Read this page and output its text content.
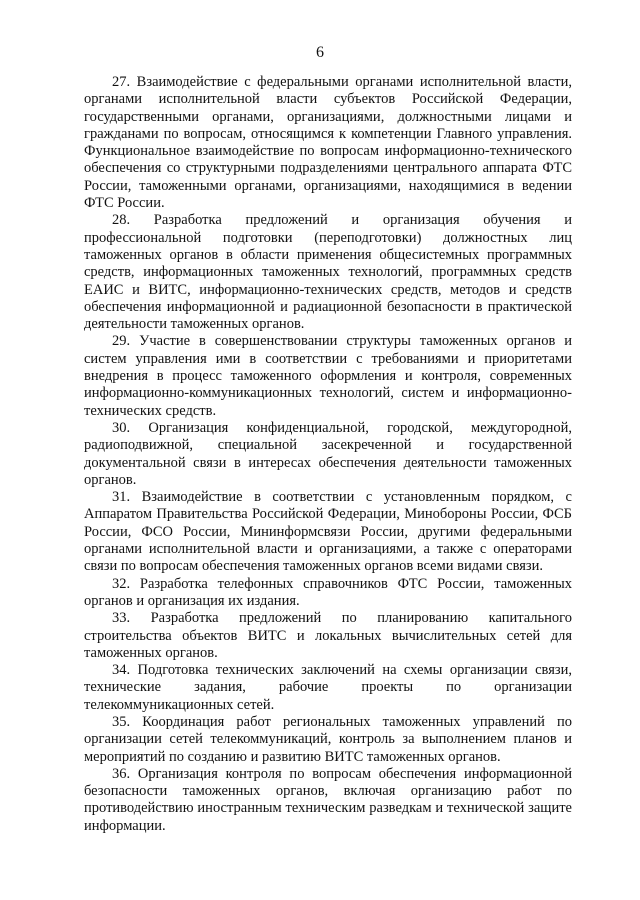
6

27. Взаимодействие с федеральными органами исполнительной власти, органами исполнительной власти субъектов Российской Федерации, государственными органами, организациями, должностными лицами и гражданами по вопросам, относящимся к компетенции Главного управления. Функциональное взаимодействие по вопросам информационно-технического обеспечения со структурными подразделениями центрального аппарата ФТС России, таможенными органами, организациями, находящимися в ведении ФТС России.

28. Разработка предложений и организация обучения и профессиональной подготовки (переподготовки) должностных лиц таможенных органов в области применения общесистемных программных средств, информационных таможенных технологий, программных средств ЕАИС и ВИТС, информационно-технических средств, методов и средств обеспечения информационной и радиационной безопасности в практической деятельности таможенных органов.

29. Участие в совершенствовании структуры таможенных органов и систем управления ими в соответствии с требованиями и приоритетами внедрения в процесс таможенного оформления и контроля, современных информационно-коммуникационных технологий, систем и информационно-технических средств.

30. Организация конфиденциальной, городской, междугородной, радиоподвижной, специальной засекреченной и государственной документальной связи в интересах обеспечения деятельности таможенных органов.

31. Взаимодействие в соответствии с установленным порядком, с Аппаратом Правительства Российской Федерации, Минобороны России, ФСБ России, ФСО России, Мининформсвязи России, другими федеральными органами исполнительной власти и организациями, а также с операторами связи по вопросам обеспечения таможенных органов всеми видами связи.

32. Разработка телефонных справочников ФТС России, таможенных органов и организация их издания.

33. Разработка предложений по планированию капитального строительства объектов ВИТС и локальных вычислительных сетей для таможенных органов.

34. Подготовка технических заключений на схемы организации связи, технические задания, рабочие проекты по организации телекоммуникационных сетей.

35. Координация работ региональных таможенных управлений по организации сетей телекоммуникаций, контроль за выполнением планов и мероприятий по созданию и развитию ВИТС таможенных органов.

36. Организация контроля по вопросам обеспечения информационной безопасности таможенных органов, включая организацию работ по противодействию иностранным техническим разведкам и технической защите информации.
